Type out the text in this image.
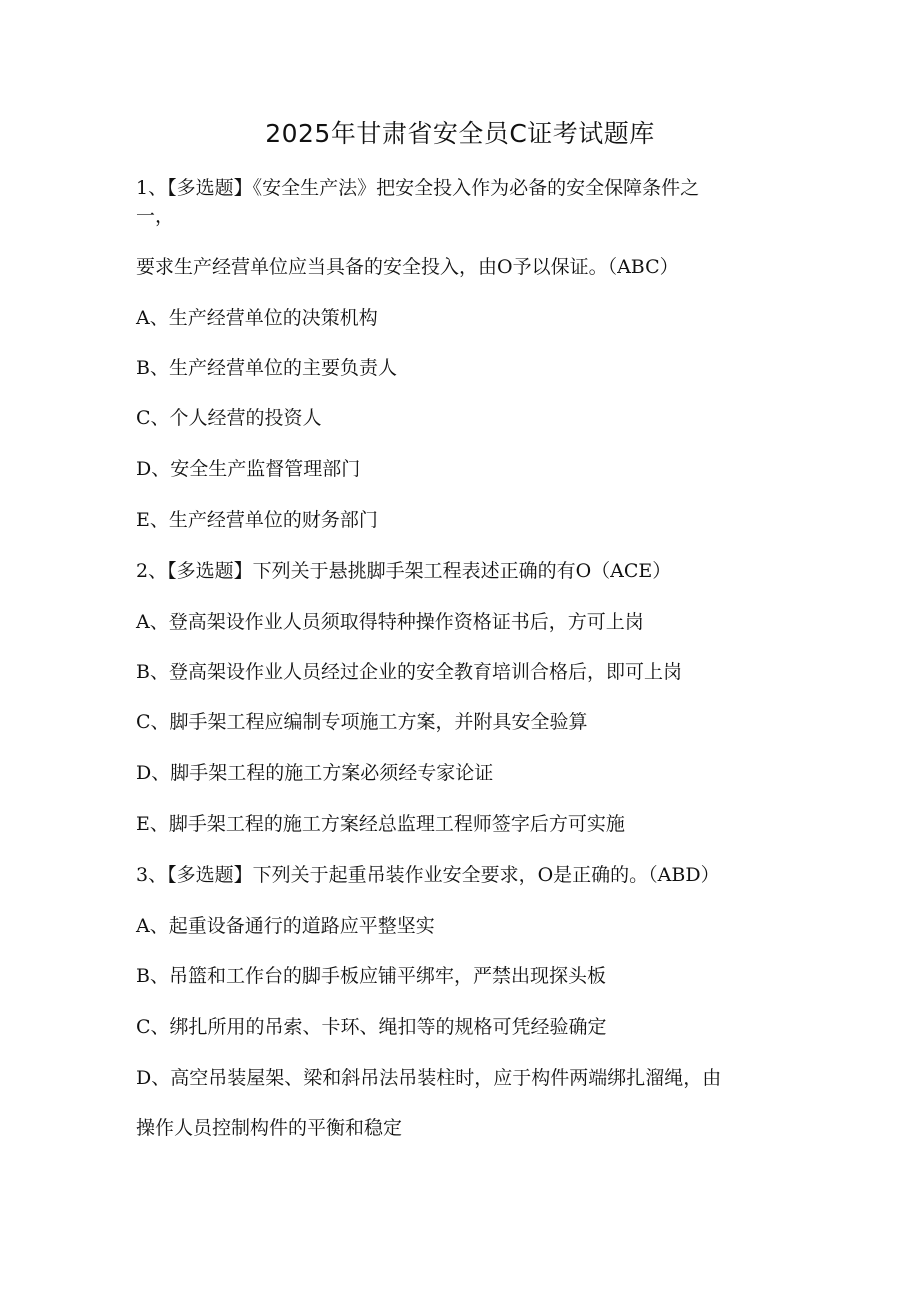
2025年甘肃省安全员C证考试题库
1、【多选题】《安全生产法》把安全投入作为必备的安全保障条件之
一，
要求生产经营单位应当具备的安全投入，由O予以保证。（ABC）
A、生产经营单位的决策机构
B、生产经营单位的主要负责人
C、个人经营的投资人
D、安全生产监督管理部门
E、生产经营单位的财务部门
2、【多选题】下列关于悬挑脚手架工程表述正确的有O（ACE）
A、登高架设作业人员须取得特种操作资格证书后，方可上岗
B、登高架设作业人员经过企业的安全教育培训合格后，即可上岗
C、脚手架工程应编制专项施工方案，并附具安全验算
D、脚手架工程的施工方案必须经专家论证
E、脚手架工程的施工方案经总监理工程师签字后方可实施
3、【多选题】下列关于起重吊装作业安全要求，O是正确的。（ABD）
A、起重设备通行的道路应平整坚实
B、吊篮和工作台的脚手板应铺平绑牢，严禁出现探头板
C、绑扎所用的吊索、卡环、绳扣等的规格可凭经验确定
D、高空吊装屋架、梁和斜吊法吊装柱时，应于构件两端绑扎溜绳，由
操作人员控制构件的平衡和稳定
